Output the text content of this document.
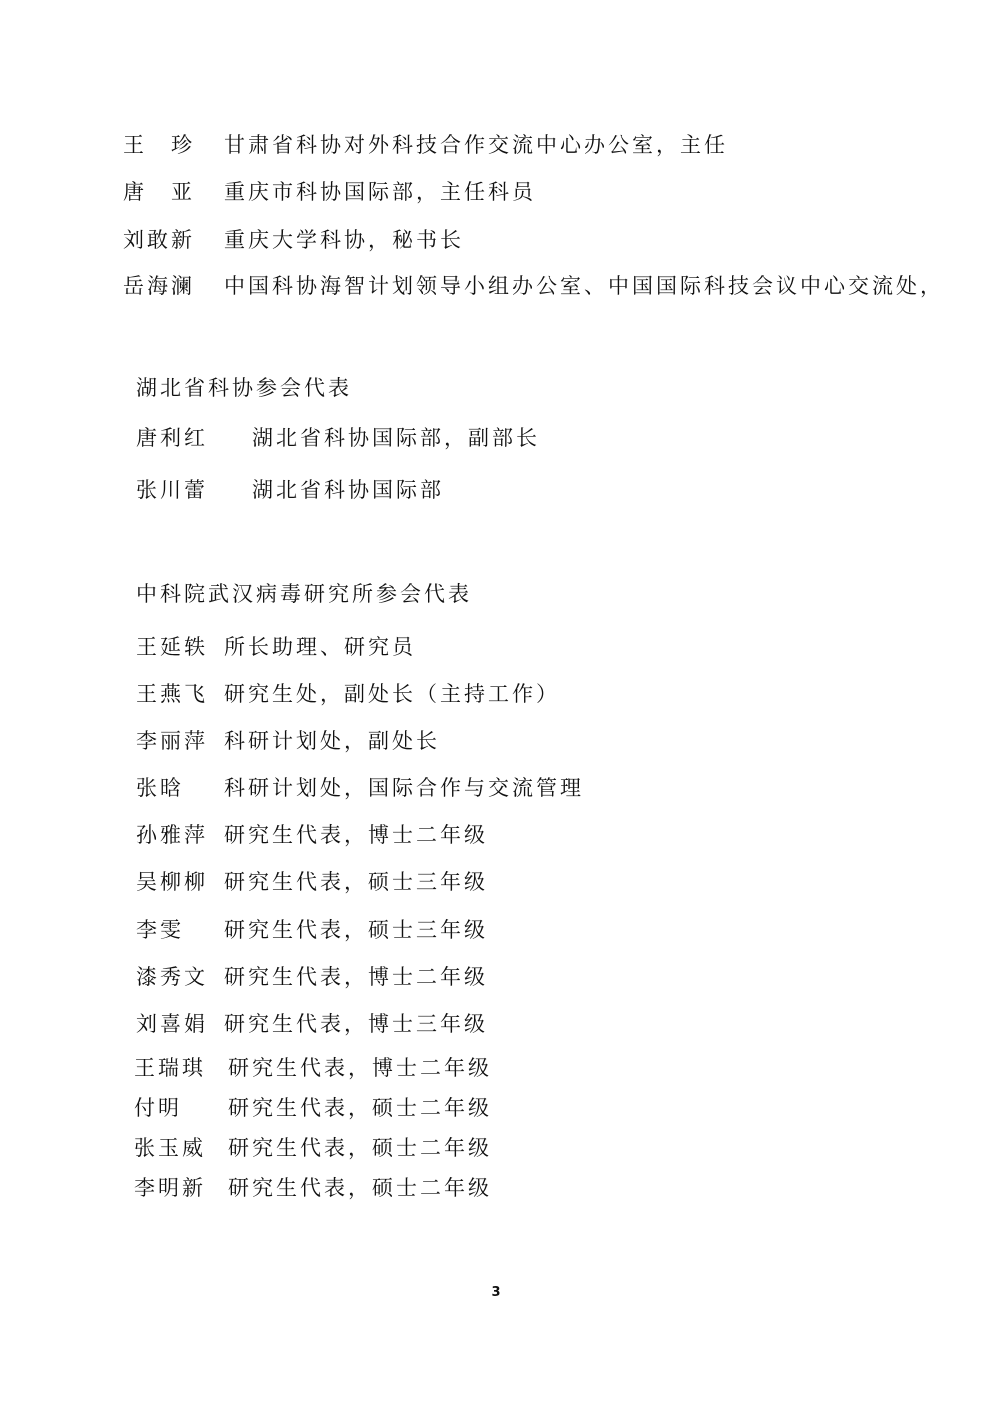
王　珍 甘肃省科协对外科技合作交流中心办公室，主任
唐　亚 重庆市科协国际部，主任科员
刘敢新 重庆大学科协，秘书长
岳海澜 中国科协海智计划领导小组办公室、中国国际科技会议中心交流处，
湖北省科协参会代表
唐利红 湖北省科协国际部，副部长
张川蕾 湖北省科协国际部
中科院武汉病毒研究所参会代表
王延轶 所长助理、研究员
王燕飞 研究生处，副处长（主持工作）
李丽萍 科研计划处，副处长
张晗 科研计划处，国际合作与交流管理
孙雅萍 研究生代表，博士二年级
吴柳柳 研究生代表，硕士三年级
李雯 研究生代表，硕士三年级
漆秀文 研究生代表，博士二年级
刘喜娟 研究生代表，博士三年级
王瑞琪 研究生代表，博士二年级
付明 研究生代表，硕士二年级
张玉威 研究生代表，硕士二年级
李明新 研究生代表，硕士二年级
3
